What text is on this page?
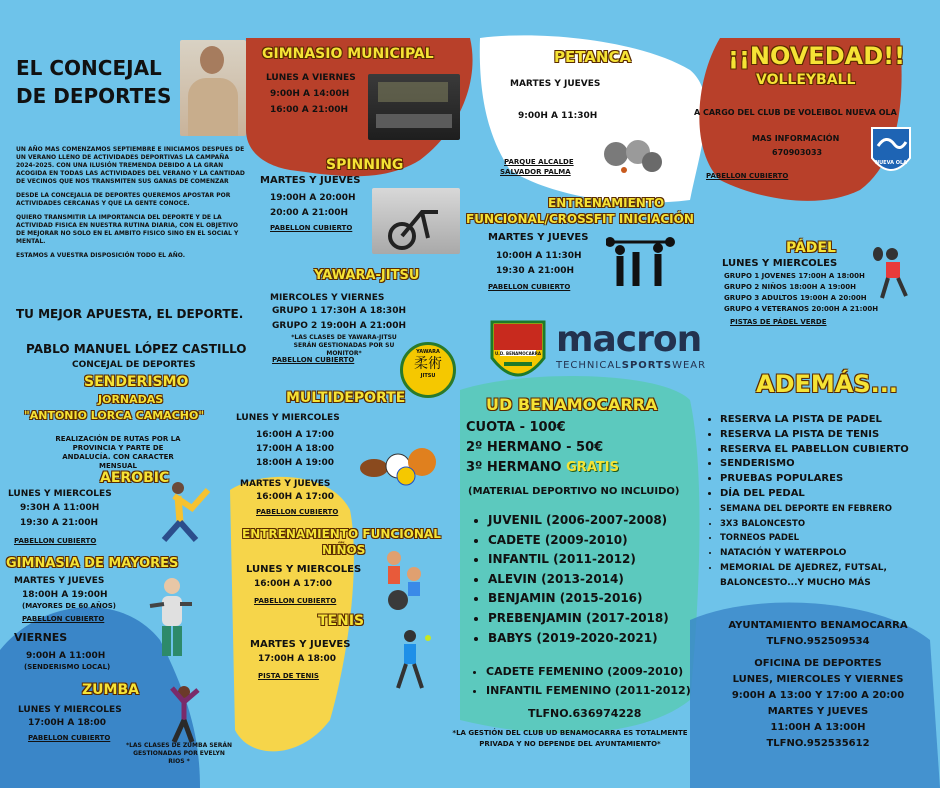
EL CONCEJAL
DE DEPORTES
UN AÑO MAS COMENZAMOS SEPTIEMBRE E INICIAMOS DESPUES DE UN VERANO LLENO DE ACTIVIDADES DEPORTIVAS LA CAMPAÑA 2024-2025. CON UNA ILUSIÓN TREMENDA DEBIDO A LA GRAN ACOGIDA EN TODAS LAS ACTIVIDADES DEL VERANO Y LA CANTIDAD DE VECINOS QUE NOS TRANSMITEN SUS GANAS DE COMENZAR
DESDE LA CONCEJALIA DE DEPORTES QUEREMOS APOSTAR POR ACTIVIDADES CERCANAS Y QUE LA GENTE CONOCE.
QUIERO TRANSMITIR LA IMPORTANCIA DEL DEPORTE Y DE LA ACTIVIDAD FISICA EN NUESTRA RUTINA DIARIA, CON EL OBJETIVO DE MEJORAR NO SOLO EN EL AMBITO FISICO SINO EN EL SOCIAL Y MENTAL.
ESTAMOS A VUESTRA DISPOSICIÓN TODO EL AÑO.
TU MEJOR APUESTA, EL DEPORTE.
PABLO MANUEL LÓPEZ CASTILLO
CONCEJAL DE DEPORTES
SENDERISMO
JORNADAS
"ANTONIO LORCA CAMACHO"
REALIZACIÓN DE RUTAS POR LA PROVINCIA Y PARTE DE ANDALUCÍA. CON CARACTER MENSUAL
AEROBIC
LUNES Y MIERCOLES
9:30H A 11:00H
19:30 A 21:00H
PABELLON CUBIERTO
GIMNASIA DE MAYORES
MARTES Y JUEVES
18:00H A 19:00H
(MAYORES DE 60 AÑOS)
PABELLON CUBIERTO
VIERNES
9:00H A 11:00H
(SENDERISMO LOCAL)
ZUMBA
LUNES Y MIERCOLES
17:00H A 18:00
PABELLON CUBIERTO
*LAS CLASES DE ZUMBA SERÁN GESTIONADAS POR EVELYN RIOS *
GIMNASIO MUNICIPAL
LUNES A VIERNES
9:00H A 14:00H
16:00 A 21:00H
SPINNING
MARTES Y JUEVES
19:00H A 20:00H
20:00 A 21:00H
PABELLON CUBIERTO
YAWARA-JITSU
MIERCOLES Y VIERNES
GRUPO 1 17:30H A 18:30H
GRUPO 2 19:00H A 21:00H
*LAS CLASES DE YAWARA-JITSU SERÁN GESTIONADAS POR SU MONITOR*
PABELLON CUBIERTO
YAWARA
柔術
JITSU
MULTIDEPORTE
LUNES Y MIERCOLES
16:00H A 17:00
17:00H A 18:00
18:00H A 19:00
MARTES Y JUEVES
16:00H A 17:00
PABELLON CUBIERTO
ENTRENAMIENTO FUNCIONAL
NIÑOS
LUNES Y MIERCOLES
16:00H A 17:00
PABELLON CUBIERTO
TENIS
MARTES Y JUEVES
17:00H A 18:00
PISTA DE TENIS
PETANCA
MARTES Y JUEVES
9:00H A 11:30H
PARQUE ALCALDE
SALVADOR PALMA
ENTRENAMIENTO
FUNCIONAL/CROSSFIT INICIACIÓN
MARTES Y JUEVES
10:00H A 11:30H
19:30 A 21:00H
PABELLON CUBIERTO
U.D. BENAMOCARRA macron
TECHNICALSPORTSWEAR
UD BENAMOCARRA
CUOTA - 100€
2º HERMANO - 50€
3º HERMANO GRATIS
(MATERIAL DEPORTIVO NO INCLUIDO)
• JUVENIL (2006-2007-2008)
• CADETE (2009-2010)
• INFANTIL (2011-2012)
• ALEVIN (2013-2014)
• BENJAMIN (2015-2016)
• PREBENJAMIN (2017-2018)
• BABYS (2019-2020-2021)
• CADETE FEMENINO (2009-2010)
• INFANTIL FEMENINO (2011-2012)
TLFNO.636974228
*LA GESTIÓN DEL CLUB UD BENAMOCARRA ES TOTALMENTE PRIVADA Y NO DEPENDE DEL AYUNTAMIENTO*
¡¡NOVEDAD!!
VOLLEYBALL
A CARGO DEL CLUB DE VOLEIBOL NUEVA OLA
MAS INFORMACIÓN
670903033
PABELLON CUBIERTO
NUEVA OLA
PÁDEL
LUNES Y MIERCOLES
GRUPO 1 JOVENES 17:00H A 18:00H
GRUPO 2 NIÑOS 18:00H A 19:00H
GRUPO 3 ADULTOS 19:00H A 20:00H
GRUPO 4 VETERANOS 20:00H A 21:00H
PISTAS DE PÁDEL VERDE
ADEMÁS...
• RESERVA LA PISTA DE PADEL
• RESERVA LA PISTA DE TENIS
• RESERVA EL PABELLON CUBIERTO
• SENDERISMO
• PRUEBAS POPULARES
• DÍA DEL PEDAL
• SEMANA DEL DEPORTE EN FEBRERO
• 3X3 BALONCESTO
• TORNEOS PADEL
• NATACIÓN Y WATERPOLO
• MEMORIAL DE AJEDREZ, FUTSAL, BALONCESTO...Y MUCHO MÁS
AYUNTAMIENTO BENAMOCARRA
TLFNO.952509534
OFICINA DE DEPORTES
LUNES, MIERCOLES Y VIERNES
9:00H A 13:00 Y 17:00 A 20:00
MARTES Y JUEVES
11:00H A 13:00H
TLFNO.952535612
